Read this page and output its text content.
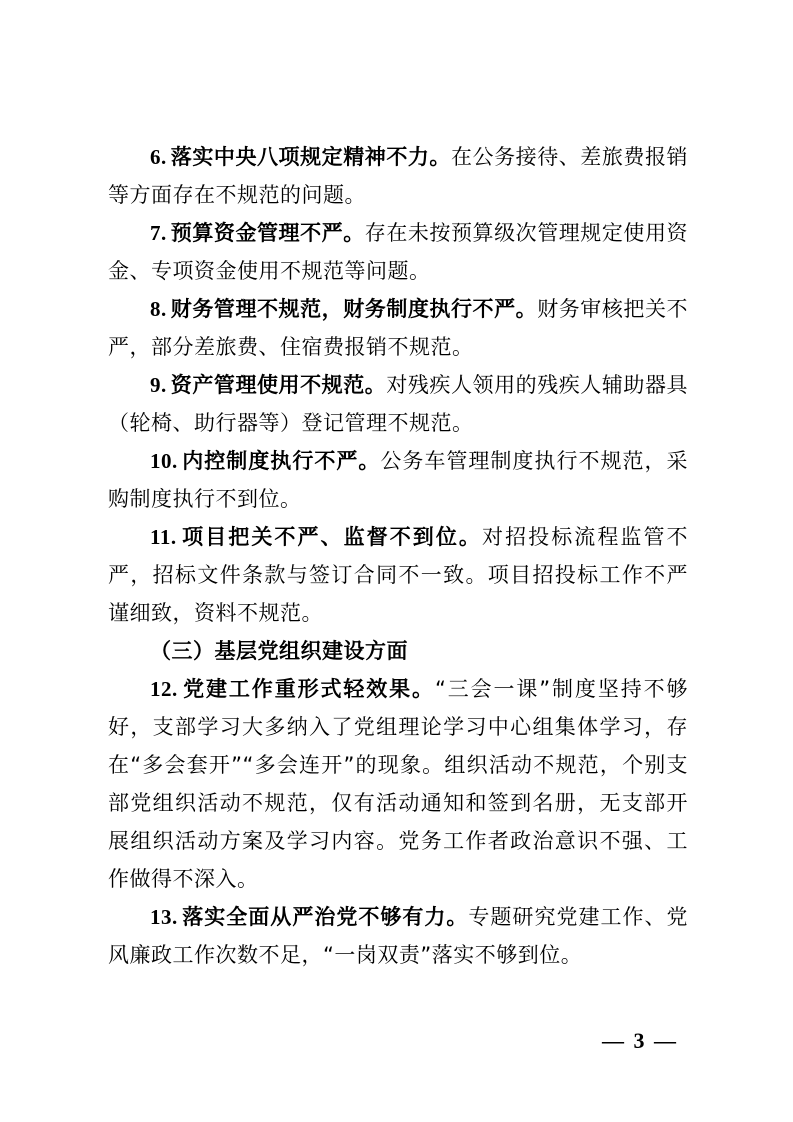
6. 落实中央八项规定精神不力。在公务接待、差旅费报销等方面存在不规范的问题。

7. 预算资金管理不严。存在未按预算级次管理规定使用资金、专项资金使用不规范等问题。

8. 财务管理不规范，财务制度执行不严。财务审核把关不严，部分差旅费、住宿费报销不规范。

9. 资产管理使用不规范。对残疾人领用的残疾人辅助器具（轮椅、助行器等）登记管理不规范。

10. 内控制度执行不严。公务车管理制度执行不规范，采购制度执行不到位。

11. 项目把关不严、监督不到位。对招投标流程监管不严，招标文件条款与签订合同不一致。项目招投标工作不严谨细致，资料不规范。

（三）基层党组织建设方面

12. 党建工作重形式轻效果。“三会一课”制度坚持不够好，支部学习大多纳入了党组理论学习中心组集体学习，存在“多会套开”“多会连开”的现象。组织活动不规范，个别支部党组织活动不规范，仅有活动通知和签到名册，无支部开展组织活动方案及学习内容。党务工作者政治意识不强、工作做得不深入。

13. 落实全面从严治党不够有力。专题研究党建工作、党风廉政工作次数不足，“一岗双责”落实不够到位。

— 3 —
